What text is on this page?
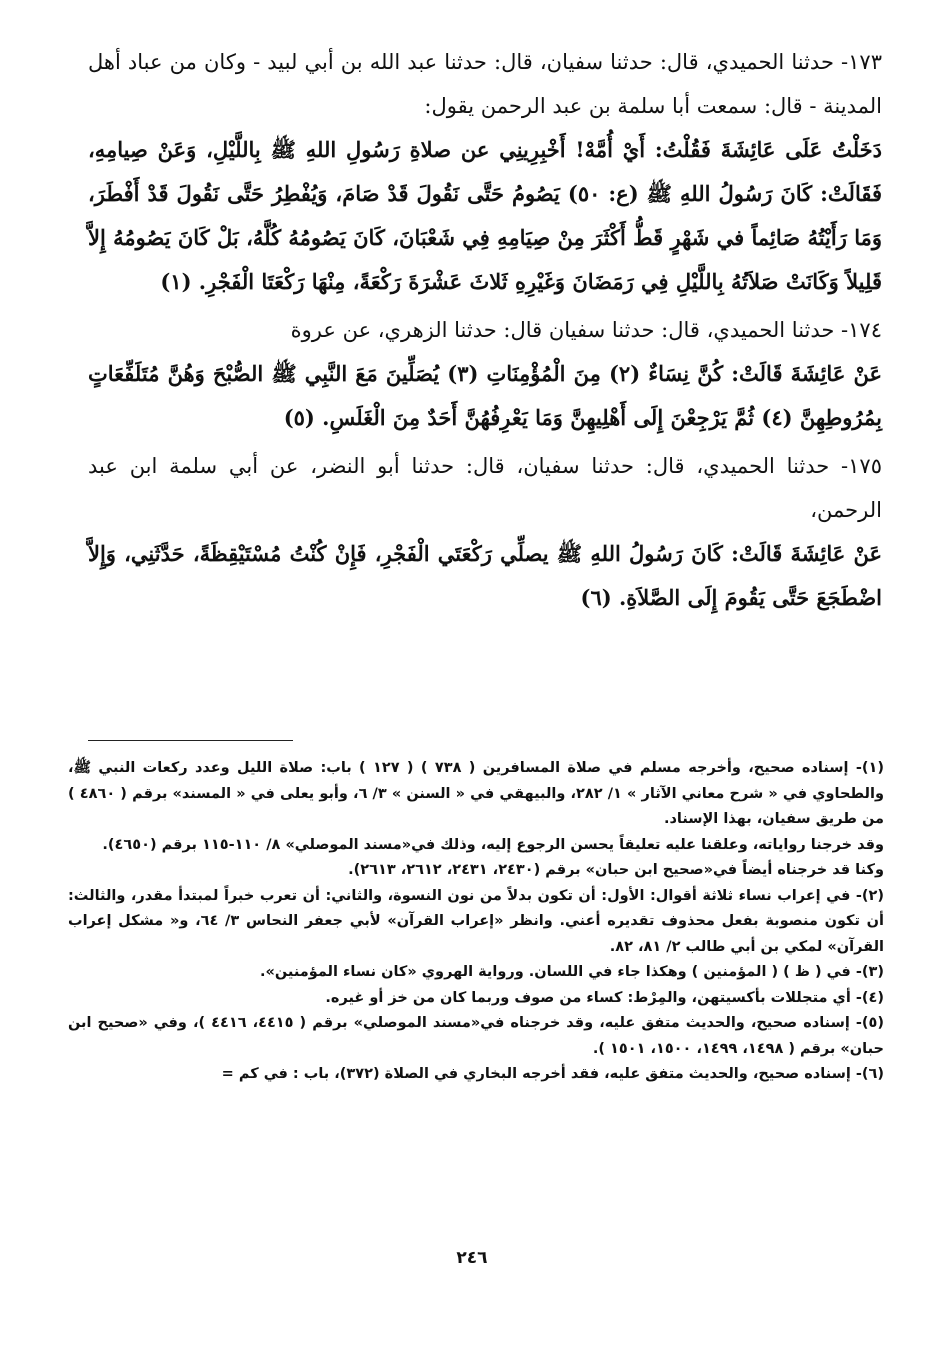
١٧٣- حدثنا الحميدي، قال: حدثنا سفيان، قال: حدثنا عبد الله بن أبي لبيد - وكان من عباد أهل المدينة - قال: سمعت أبا سلمة بن عبد الرحمن يقول:

دَخَلْتُ عَلَى عَائِشَةَ فَقُلْتُ: أَيْ أُمَّهْ! أَخْبِرِينِي عن صلاةِ رَسُولِ اللهِ ﷺ بِاللَّيْلِ، وَعَنْ صِيامِهِ، فَقَالَتْ: كَانَ رَسُولُ اللهِ ﷺ (ع: ٥٠) يَصُومُ حَتَّى نَقُولَ قَدْ صَامَ، وَيُفْطِرُ حَتَّى نَقُولَ قَدْ أَفْطَرَ، وَمَا رَأَيْتُهُ صَائِماً في شَهْرٍ قَطُّ أَكْثَرَ مِنْ صِيَامِهِ فِي شَعْبَانَ، كَانَ يَصُومُهُ كُلَّهُ، بَلْ كَانَ يَصُومُهُ إِلاَّ قَلِيلاً وَكَانَتْ صَلاَتُهُ بِاللَّيْلِ فِي رَمَضَانَ وَغَيْرِهِ ثَلاثَ عَشْرَةَ رَكْعَةً، مِنْهَا رَكْعَتَا الْفَجْرِ. (١)

١٧٤- حدثنا الحميدي، قال: حدثنا سفيان قال: حدثنا الزهري، عن عروة

عَنْ عَائِشَةَ قَالَتْ: كُنَّ نِسَاءٌ (٢) مِنَ الْمُؤْمِنَاتِ (٣) يُصَلِّينَ مَعَ النَّبِي ﷺ الصُّبْحَ وَهُنَّ مُتَلَفِّعَاتٍ بِمُرُوطِهِنَّ (٤) ثُمَّ يَرْجِعْنَ إِلَى أَهْلِيهِنَّ وَمَا يَعْرِفُهُنَّ أَحَدٌ مِنَ الْغَلَسِ. (٥)

١٧٥- حدثنا الحميدي، قال: حدثنا سفيان، قال: حدثنا أبو النضر، عن أبي سلمة ابن عبد الرحمن،

عَنْ عَائِشَةَ قَالَتْ: كَانَ رَسُولُ اللهِ ﷺ يصلِّي رَكْعَتَي الْفَجْرِ، فَإِنْ كُنْتُ مُسْتَيْقِظَةً، حَدَّثَنِي، وَإِلاَّ اضْطَجَعَ حَتَّى يَقُومَ إِلَى الصَّلاَةِ. (٦)

(١)- إسناده صحيح، وأخرجه مسلم في صلاة المسافرين ( ٧٣٨ ) ( ١٢٧ ) باب: صلاة الليل وعدد ركعات النبي ﷺ، والطحاوي في « شرح معاني الآثار » ١/ ٢٨٢، والبيهقي في « السنن » ٣/ ٦، وأبو يعلى في « المسند» برقم ( ٤٨٦٠ ) من طريق سفيان، بهذا الإسناد.

وقد خرجنا رواياته، وعلقنا عليه تعليقاً يحسن الرجوع إليه، وذلك في«مسند الموصلي» ٨/ ١١٠-١١٥ برقم (٤٦٥٠).

وكنا قد خرجناه أيضاً في«صحيح ابن حبان» برقم (٢٤٣٠، ٢٤٣١، ٢٦١٢، ٢٦١٣).

(٢)- في إعراب نساء ثلاثة أقوال: الأول: أن تكون بدلاً من نون النسوة، والثاني: أن تعرب خبراً لمبتدأ مقدر، والثالث: أن تكون منصوبة بفعل محذوف تقديره أعني. وانظر «إعراب القرآن» لأبي جعفر النحاس ٣/ ٦٤، و« مشكل إعراب القرآن» لمكي بن أبي طالب ٢/ ٨١، ٨٢.

(٣)- في ( ظ ) ( المؤمنين ) وهكذا جاء في اللسان. ورواية الهروي «كان نساء المؤمنين».

(٤)- أي متجللات بأكسيتهن، والمِرْط: كساء من صوف وربما كان من خز أو غيره.

(٥)- إسناده صحيح، والحديث متفق عليه، وقد خرجناه في«مسند الموصلي» برقم ( ٤٤١٥، ٤٤١٦ )، وفي «صحيح ابن حبان» برقم ( ١٤٩٨، ١٤٩٩، ١٥٠٠، ١٥٠١ ).

(٦)- إسناده صحيح، والحديث متفق عليه، فقد أخرجه البخاري في الصلاة (٣٧٢)، باب : في كم =

٢٤٦
